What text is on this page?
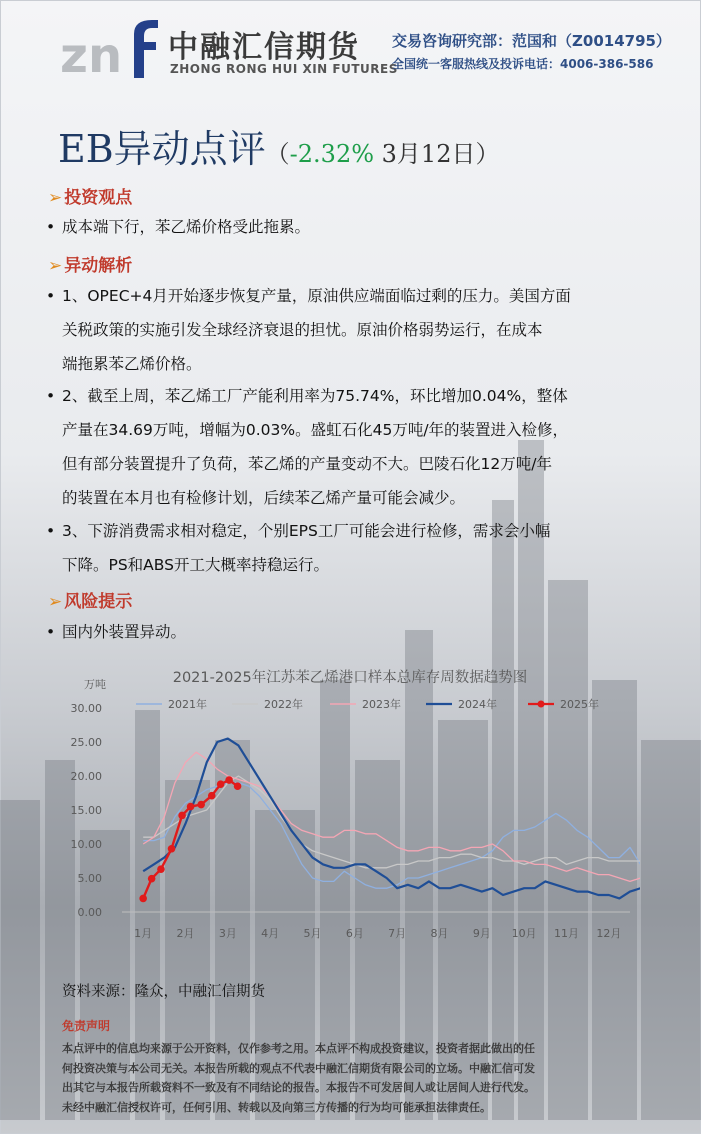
zn 中融汇信期货
ZHONG RONG HUI XIN FUTURES
交易咨询研究部：范国和（Z0014795）
全国统一客服热线及投诉电话：4006-386-586
EB异动点评（-2.32% 3月12日）
➢ 投资观点
• 成本端下行，苯乙烯价格受此拖累。
➢ 异动解析
• 1、OPEC+4月开始逐步恢复产量，原油供应端面临过剩的压力。美国方面
关税政策的实施引发全球经济衰退的担忧。原油价格弱势运行，在成本
端拖累苯乙烯价格。
• 2、截至上周，苯乙烯工厂产能利用率为75.74%，环比增加0.04%，整体
产量在34.69万吨，增幅为0.03%。盛虹石化45万吨/年的装置进入检修，
但有部分装置提升了负荷，苯乙烯的产量变动不大。巴陵石化12万吨/年
的装置在本月也有检修计划，后续苯乙烯产量可能会减少。
• 3、下游消费需求相对稳定，个别EPS工厂可能会进行检修，需求会小幅
下降。PS和ABS开工大概率持稳运行。
➢ 风险提示
• 国内外装置异动。
2021-2025年江苏苯乙烯港口样本总库存周数据趋势图
万吨
30.00
25.00
20.00
15.00
10.00
5.00
0.00
1月 2月 3月 4月 5月 6月 7月 8月 9月 10月 11月 12月
2021年	2022年	2023年	2024年	2025年
资料来源：隆众，中融汇信期货
免责声明
本点评中的信息均来源于公开资料，仅作参考之用。本点评不构成投资建议，投资者据此做出的任
何投资决策与本公司无关。本报告所载的观点不代表中融汇信期货有限公司的立场。中融汇信可发
出其它与本报告所载资料不一致及有不同结论的报告。本报告不可发居间人或让居间人进行代发。
未经中融汇信授权许可，任何引用、转载以及向第三方传播的行为均可能承担法律责任。
